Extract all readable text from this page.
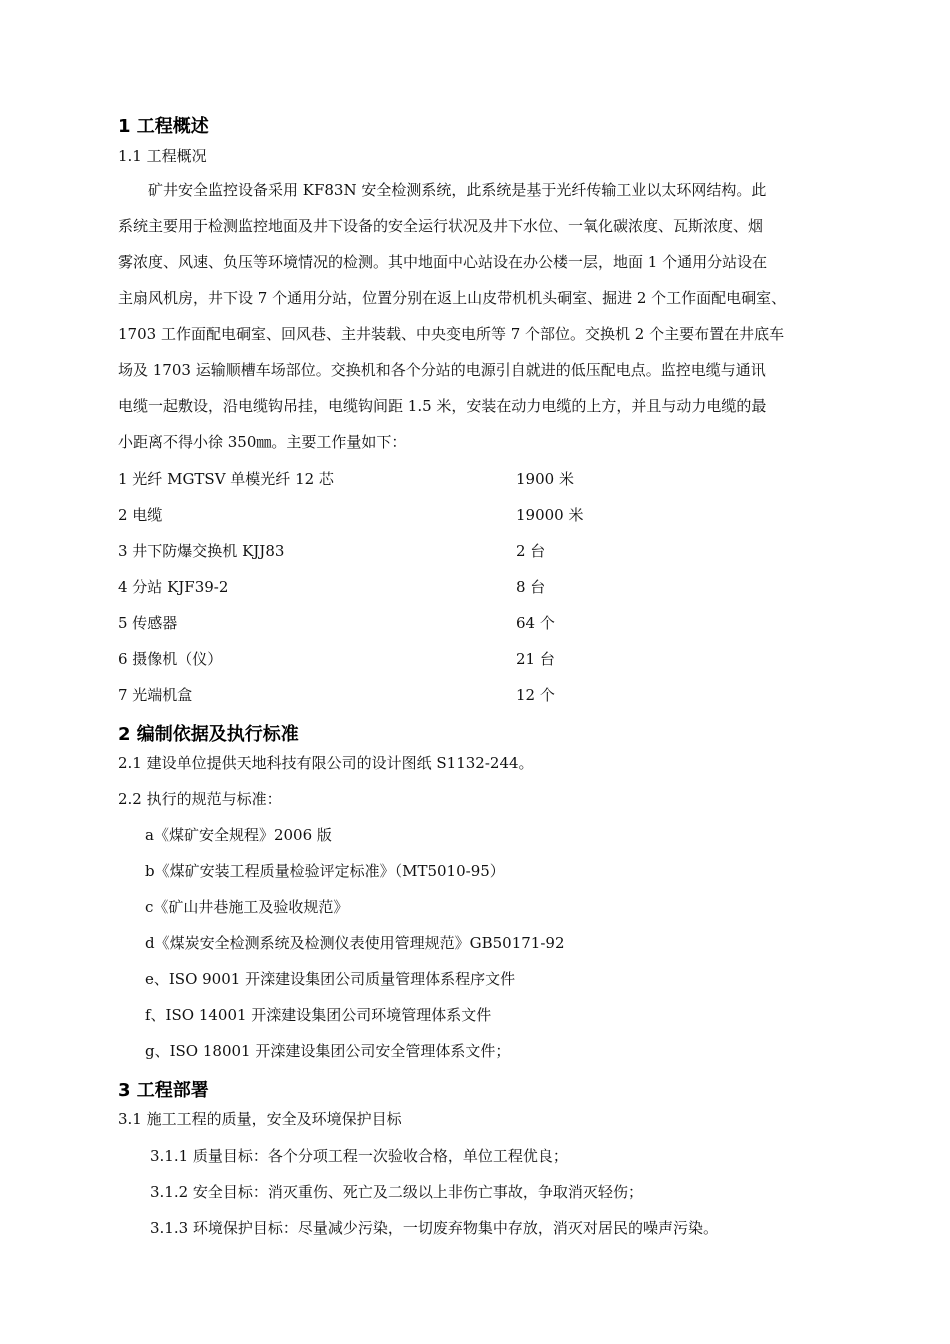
1 工程概述
1.1 工程概况
矿井安全监控设备采用 KF83N 安全检测系统，此系统是基于光纤传输工业以太环网结构。此
系统主要用于检测监控地面及井下设备的安全运行状况及井下水位、一氧化碳浓度、瓦斯浓度、烟
雾浓度、风速、负压等环境情况的检测。其中地面中心站设在办公楼一层，地面 1 个通用分站设在
主扇风机房，井下设 7 个通用分站，位置分别在返上山皮带机机头硐室、掘进 2 个工作面配电硐室、
1703 工作面配电硐室、回风巷、主井装载、中央变电所等 7 个部位。交换机 2 个主要布置在井底车
场及 1703 运输顺槽车场部位。交换机和各个分站的电源引自就进的低压配电点。监控电缆与通讯
电缆一起敷设，沿电缆钩吊挂，电缆钩间距 1.5 米，安装在动力电缆的上方，并且与动力电缆的最
小距离不得小徐 350㎜。主要工作量如下：
1 光纤 MGTSV 单模光纤 12 芯	1900 米
2 电缆	19000 米
3 井下防爆交换机 KJJ83	2 台
4 分站 KJF39-2	8 台
5 传感器	64 个
6 摄像机（仪）	21 台
7 光端机盒	12 个
2 编制依据及执行标准
2.1 建设单位提供天地科技有限公司的设计图纸 S1132-244。
2.2 执行的规范与标准：
a《煤矿安全规程》2006 版
b《煤矿安装工程质量检验评定标准》（MT5010-95）
c《矿山井巷施工及验收规范》
d《煤炭安全检测系统及检测仪表使用管理规范》GB50171-92
e、ISO 9001 开滦建设集团公司质量管理体系程序文件
f、ISO 14001 开滦建设集团公司环境管理体系文件
g、ISO 18001 开滦建设集团公司安全管理体系文件；
3 工程部署
3.1 施工工程的质量，安全及环境保护目标
3.1.1 质量目标：各个分项工程一次验收合格，单位工程优良；
3.1.2 安全目标：消灭重伤、死亡及二级以上非伤亡事故，争取消灭轻伤；
3.1.3 环境保护目标：尽量减少污染，一切废弃物集中存放，消灭对居民的噪声污染。
